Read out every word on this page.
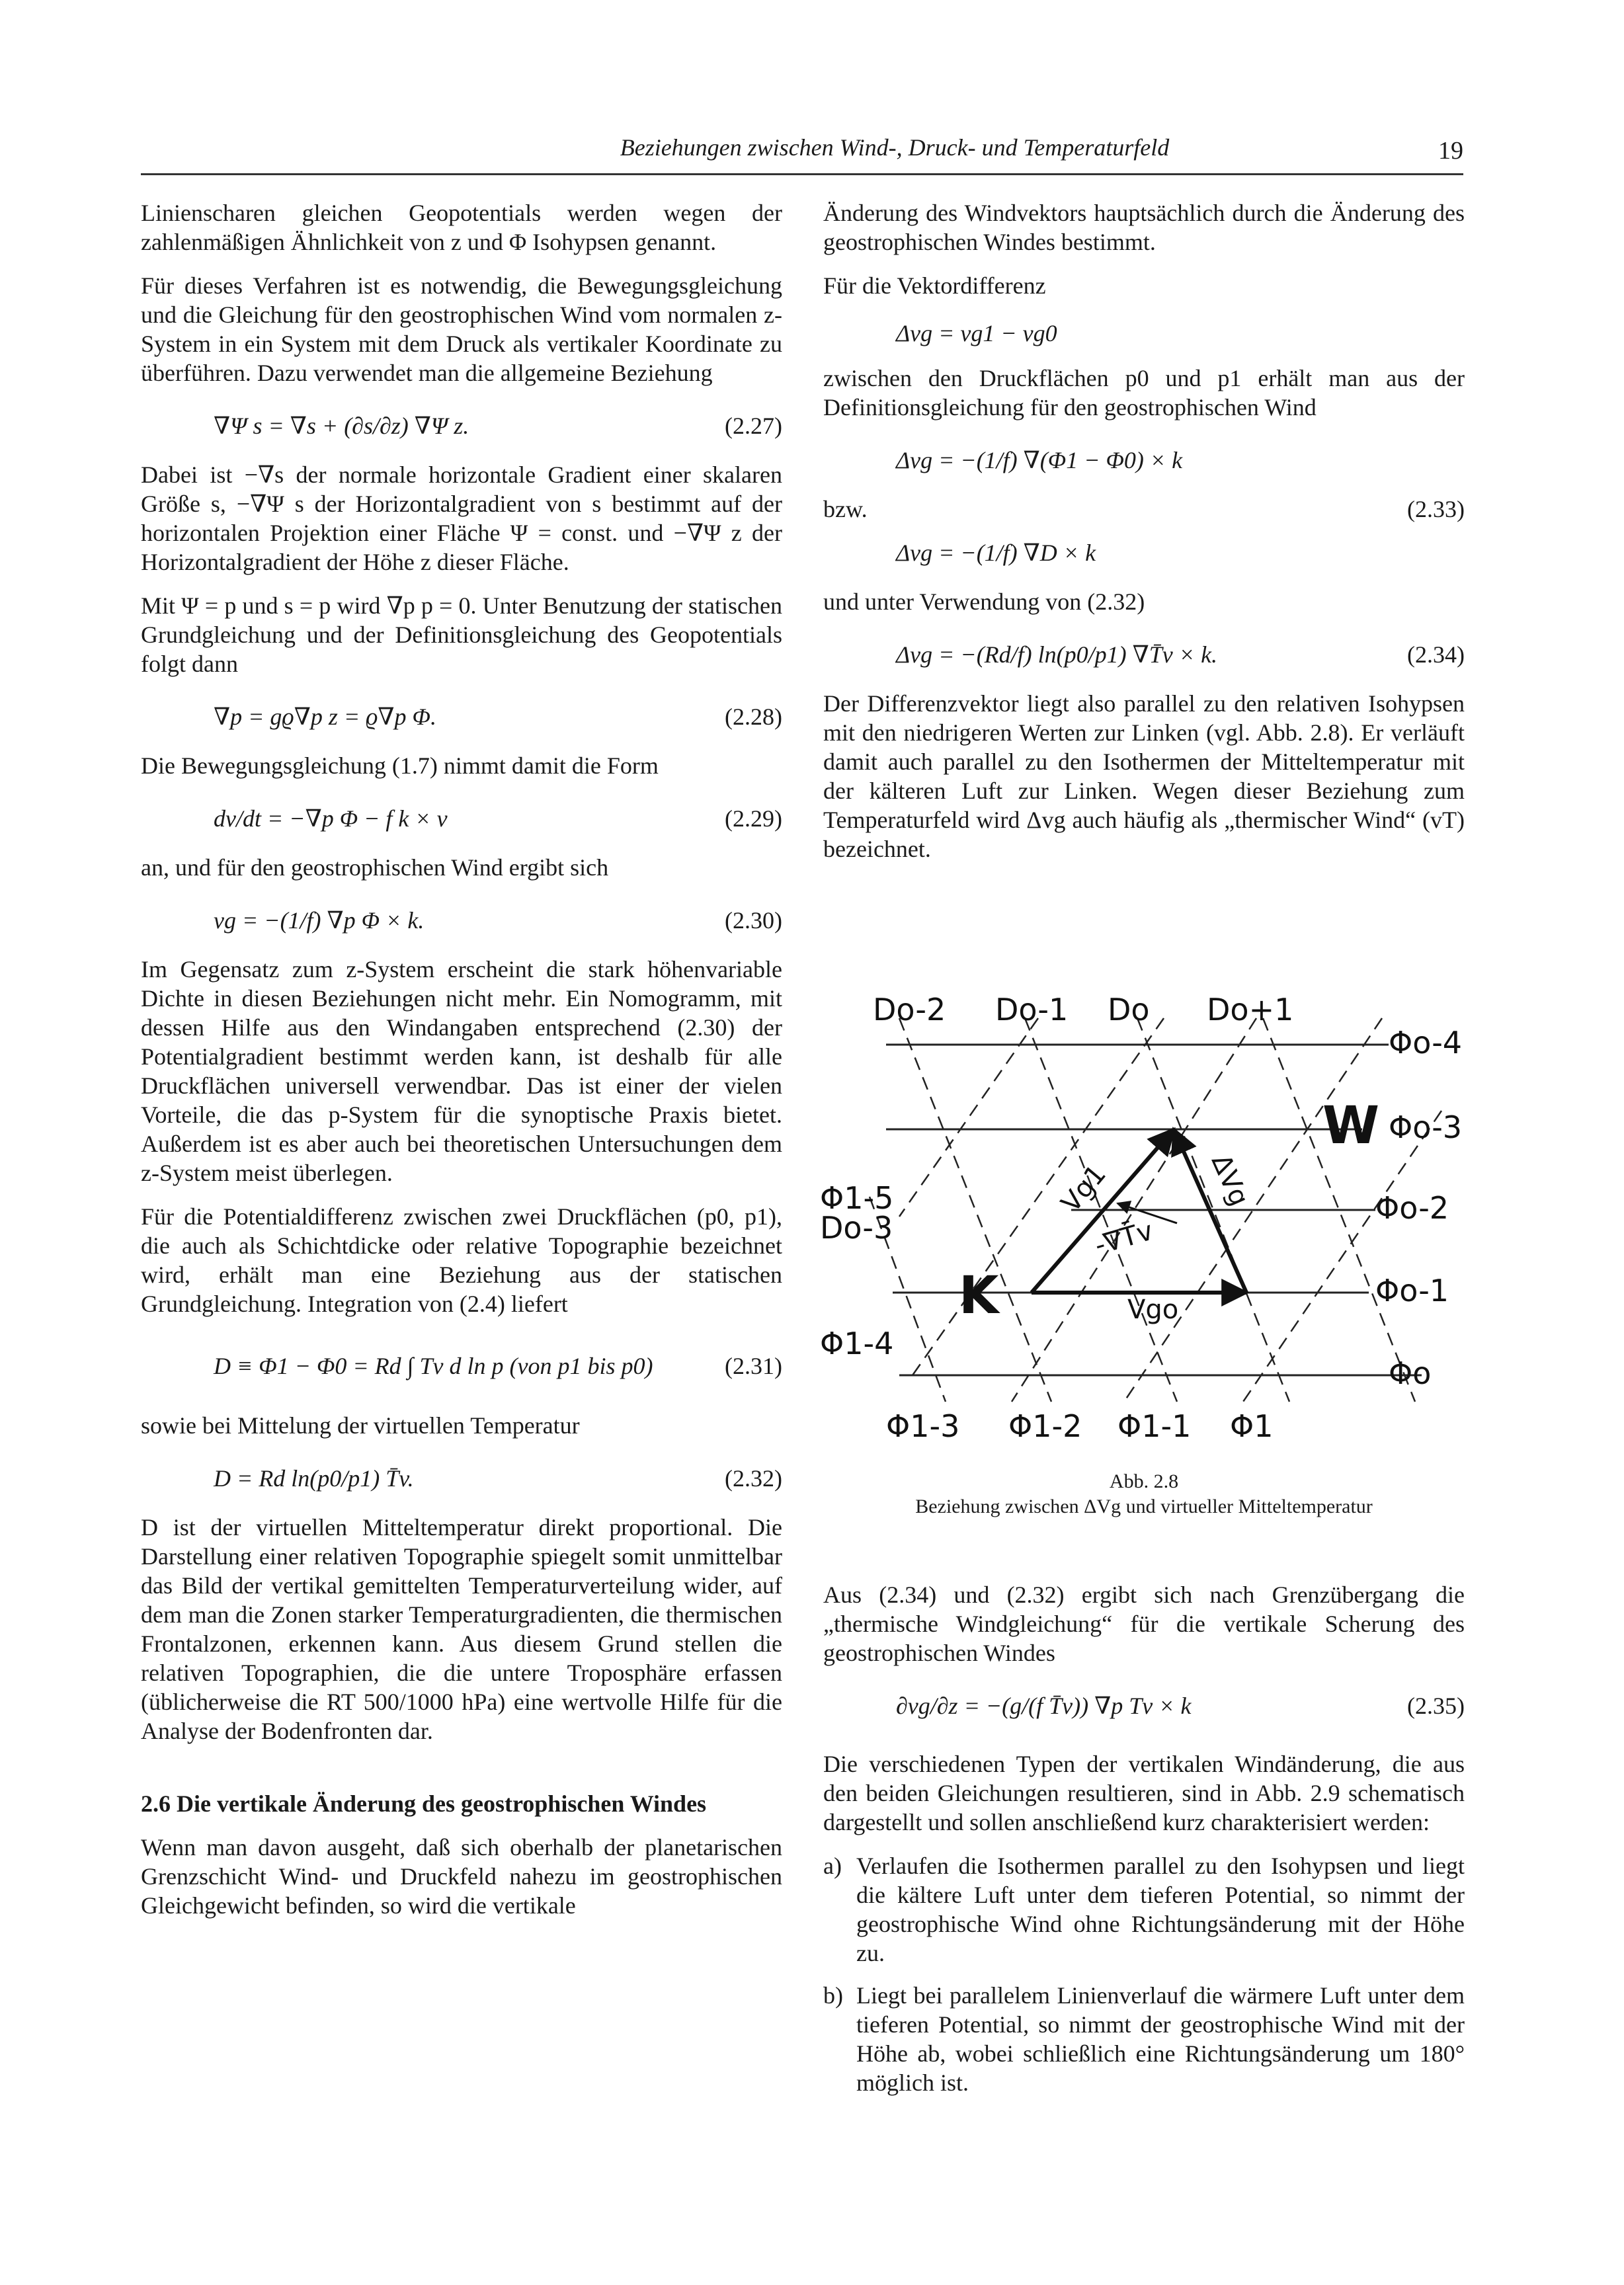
Beziehungen zwischen Wind-, Druck- und Temperaturfeld	19

Linienscharen gleichen Geopotentials werden wegen der zahlenmäßigen Ähnlichkeit von z und Φ Isohypsen genannt.

Für dieses Verfahren ist es notwendig, die Bewegungsgleichung und die Gleichung für den geostrophischen Wind vom normalen z-System in ein System mit dem Druck als vertikaler Koordinate zu überführen. Dazu verwendet man die allgemeine Beziehung

∇Ψ s = ∇s + (∂s/∂z) ∇Ψ z.	(2.27)

Dabei ist −∇s der normale horizontale Gradient einer skalaren Größe s, −∇Ψ s der Horizontalgradient von s bestimmt auf der horizontalen Projektion einer Fläche Ψ = const. und −∇Ψ z der Horizontalgradient der Höhe z dieser Fläche.

Mit Ψ = p und s = p wird ∇p p = 0. Unter Benutzung der statischen Grundgleichung und der Definitionsgleichung des Geopotentials folgt dann

∇p = gϱ∇p z = ϱ∇p Φ.	(2.28)

Die Bewegungsgleichung (1.7) nimmt damit die Form

dv/dt = −∇p Φ − f k × v	(2.29)

an, und für den geostrophischen Wind ergibt sich

vg = −(1/f) ∇p Φ × k.	(2.30)

Im Gegensatz zum z-System erscheint die stark höhenvariable Dichte in diesen Beziehungen nicht mehr. Ein Nomogramm, mit dessen Hilfe aus den Windangaben entsprechend (2.30) der Potentialgradient bestimmt werden kann, ist deshalb für alle Druckflächen universell verwendbar. Das ist einer der vielen Vorteile, die das p-System für die synoptische Praxis bietet. Außerdem ist es aber auch bei theoretischen Untersuchungen dem z-System meist überlegen.

Für die Potentialdifferenz zwischen zwei Druckflächen (p0, p1), die auch als Schichtdicke oder relative Topographie bezeichnet wird, erhält man eine Beziehung aus der statischen Grundgleichung. Integration von (2.4) liefert

D ≡ Φ1 − Φ0 = Rd ∫ Tv d ln p (von p1 bis p0)	(2.31)

sowie bei Mittelung der virtuellen Temperatur

D = Rd ln(p0/p1) T̄v.	(2.32)

D ist der virtuellen Mitteltemperatur direkt proportional. Die Darstellung einer relativen Topographie spiegelt somit unmittelbar das Bild der vertikal gemittelten Temperaturverteilung wider, auf dem man die Zonen starker Temperaturgradienten, die thermischen Frontalzonen, erkennen kann. Aus diesem Grund stellen die relativen Topographien, die die untere Troposphäre erfassen (üblicherweise die RT 500/1000 hPa) eine wertvolle Hilfe für die Analyse der Bodenfronten dar.

2.6 Die vertikale Änderung des geostrophischen Windes

Wenn man davon ausgeht, daß sich oberhalb der planetarischen Grenzschicht Wind- und Druckfeld nahezu im geostrophischen Gleichgewicht befinden, so wird die vertikale

Änderung des Windvektors hauptsächlich durch die Änderung des geostrophischen Windes bestimmt.

Für die Vektordifferenz

Δvg = vg1 − vg0

zwischen den Druckflächen p0 und p1 erhält man aus der Definitionsgleichung für den geostrophischen Wind

Δvg = −(1/f) ∇(Φ1 − Φ0) × k
bzw.	(2.33)
Δvg = −(1/f) ∇D × k

und unter Verwendung von (2.32)

Δvg = −(Rd/f) ln(p0/p1) ∇T̄v × k.	(2.34)

Der Differenzvektor liegt also parallel zu den relativen Isohypsen mit den niedrigeren Werten zur Linken (vgl. Abb. 2.8). Er verläuft damit auch parallel zu den Isothermen der Mitteltemperatur mit der kälteren Luft zur Linken. Wegen dieser Beziehung zum Temperaturfeld wird Δvg auch häufig als „thermischer Wind“ (vT) bezeichnet.

Do-2 Do-1 Do Do+1
Φo-4
Φo-3
Φo-2
Φo-1
Φo
Φ1-3 Φ1-2 Φ1-1 Φ1
Φ1-5
Do-3
Φ1-4
W
K
Vg1	ΔVg
-∇T̄v
Vgo
Abb. 2.8
Beziehung zwischen ΔVg und virtueller Mitteltemperatur

Aus (2.34) und (2.32) ergibt sich nach Grenzübergang die „thermische Windgleichung“ für die vertikale Scherung des geostrophischen Windes

∂vg/∂z = −(g/(f T̄v)) ∇p Tv × k	(2.35)

Die verschiedenen Typen der vertikalen Windänderung, die aus den beiden Gleichungen resultieren, sind in Abb. 2.9 schematisch dargestellt und sollen anschließend kurz charakterisiert werden:

a) Verlaufen die Isothermen parallel zu den Isohypsen und liegt die kältere Luft unter dem tieferen Potential, so nimmt der geostrophische Wind ohne Richtungsänderung mit der Höhe zu.
b) Liegt bei parallelem Linienverlauf die wärmere Luft unter dem tieferen Potential, so nimmt der geostrophische Wind mit der Höhe ab, wobei schließlich eine Richtungsänderung um 180° möglich ist.
